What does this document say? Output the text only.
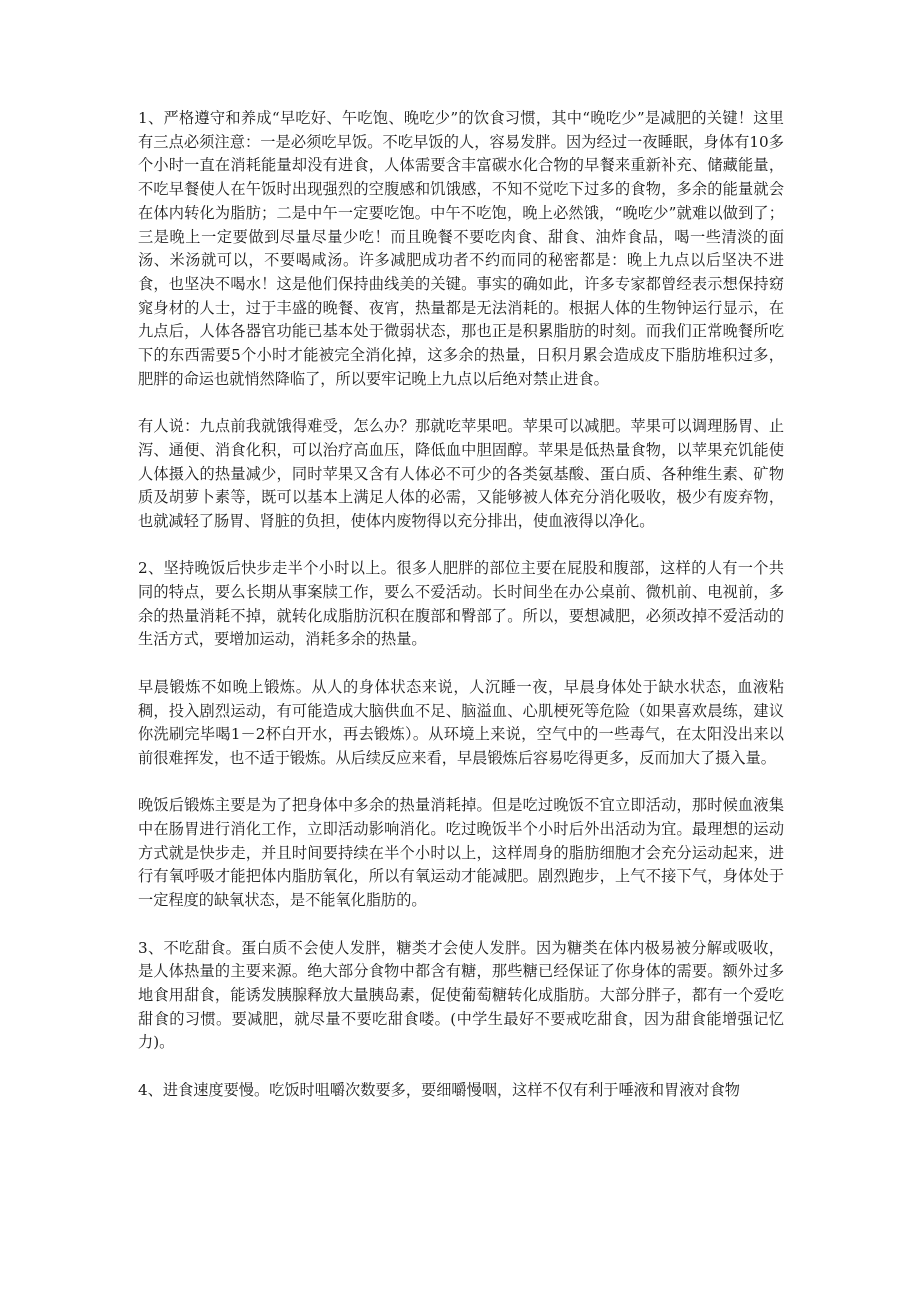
1、严格遵守和养成“早吃好、午吃饱、晚吃少”的饮食习惯，其中“晚吃少”是减肥的关键！这里有三点必须注意：一是必须吃早饭。不吃早饭的人，容易发胖。因为经过一夜睡眠，身体有10多个小时一直在消耗能量却没有进食，人体需要含丰富碳水化合物的早餐来重新补充、储藏能量，不吃早餐使人在午饭时出现强烈的空腹感和饥饿感，不知不觉吃下过多的食物，多余的能量就会在体内转化为脂肪；二是中午一定要吃饱。中午不吃饱，晚上必然饿，“晚吃少”就难以做到了；三是晚上一定要做到尽量尽量少吃！而且晚餐不要吃肉食、甜食、油炸食品，喝一些清淡的面汤、米汤就可以，不要喝咸汤。许多减肥成功者不约而同的秘密都是：晚上九点以后坚决不进食，也坚决不喝水！这是他们保持曲线美的关键。事实的确如此，许多专家都曾经表示想保持窈窕身材的人士，过于丰盛的晚餐、夜宵，热量都是无法消耗的。根据人体的生物钟运行显示，在九点后，人体各器官功能已基本处于微弱状态，那也正是积累脂肪的时刻。而我们正常晚餐所吃下的东西需要5个小时才能被完全消化掉，这多余的热量，日积月累会造成皮下脂肪堆积过多，肥胖的命运也就悄然降临了，所以要牢记晚上九点以后绝对禁止进食。

有人说：九点前我就饿得难受，怎么办？那就吃苹果吧。苹果可以减肥。苹果可以调理肠胃、止泻、通便、消食化积，可以治疗高血压，降低血中胆固醇。苹果是低热量食物，以苹果充饥能使人体摄入的热量减少，同时苹果又含有人体必不可少的各类氨基酸、蛋白质、各种维生素、矿物质及胡萝卜素等，既可以基本上满足人体的必需，又能够被人体充分消化吸收，极少有废弃物，也就减轻了肠胃、肾脏的负担，使体内废物得以充分排出，使血液得以净化。

2、坚持晚饭后快步走半个小时以上。很多人肥胖的部位主要在屁股和腹部，这样的人有一个共同的特点，要么长期从事案牍工作，要么不爱活动。长时间坐在办公桌前、微机前、电视前，多余的热量消耗不掉，就转化成脂肪沉积在腹部和臀部了。所以，要想减肥，必须改掉不爱活动的生活方式，要增加运动，消耗多余的热量。

早晨锻炼不如晚上锻炼。从人的身体状态来说，人沉睡一夜，早晨身体处于缺水状态，血液粘稠，投入剧烈运动，有可能造成大脑供血不足、脑溢血、心肌梗死等危险（如果喜欢晨练，建议你洗刷完毕喝1－2杯白开水，再去锻炼）。从环境上来说，空气中的一些毒气，在太阳没出来以前很难挥发，也不适于锻炼。从后续反应来看，早晨锻炼后容易吃得更多，反而加大了摄入量。

晚饭后锻炼主要是为了把身体中多余的热量消耗掉。但是吃过晚饭不宜立即活动，那时候血液集中在肠胃进行消化工作，立即活动影响消化。吃过晚饭半个小时后外出活动为宜。最理想的运动方式就是快步走，并且时间要持续在半个小时以上，这样周身的脂肪细胞才会充分运动起来，进行有氧呼吸才能把体内脂肪氧化，所以有氧运动才能减肥。剧烈跑步，上气不接下气，身体处于一定程度的缺氧状态，是不能氧化脂肪的。

3、不吃甜食。蛋白质不会使人发胖，糖类才会使人发胖。因为糖类在体内极易被分解或吸收，是人体热量的主要来源。绝大部分食物中都含有糖，那些糖已经保证了你身体的需要。额外过多地食用甜食，能诱发胰腺释放大量胰岛素，促使葡萄糖转化成脂肪。大部分胖子，都有一个爱吃甜食的习惯。要减肥，就尽量不要吃甜食喽。(中学生最好不要戒吃甜食，因为甜食能增强记忆力)。

4、进食速度要慢。吃饭时咀嚼次数要多，要细嚼慢咽，这样不仅有利于唾液和胃液对食物
